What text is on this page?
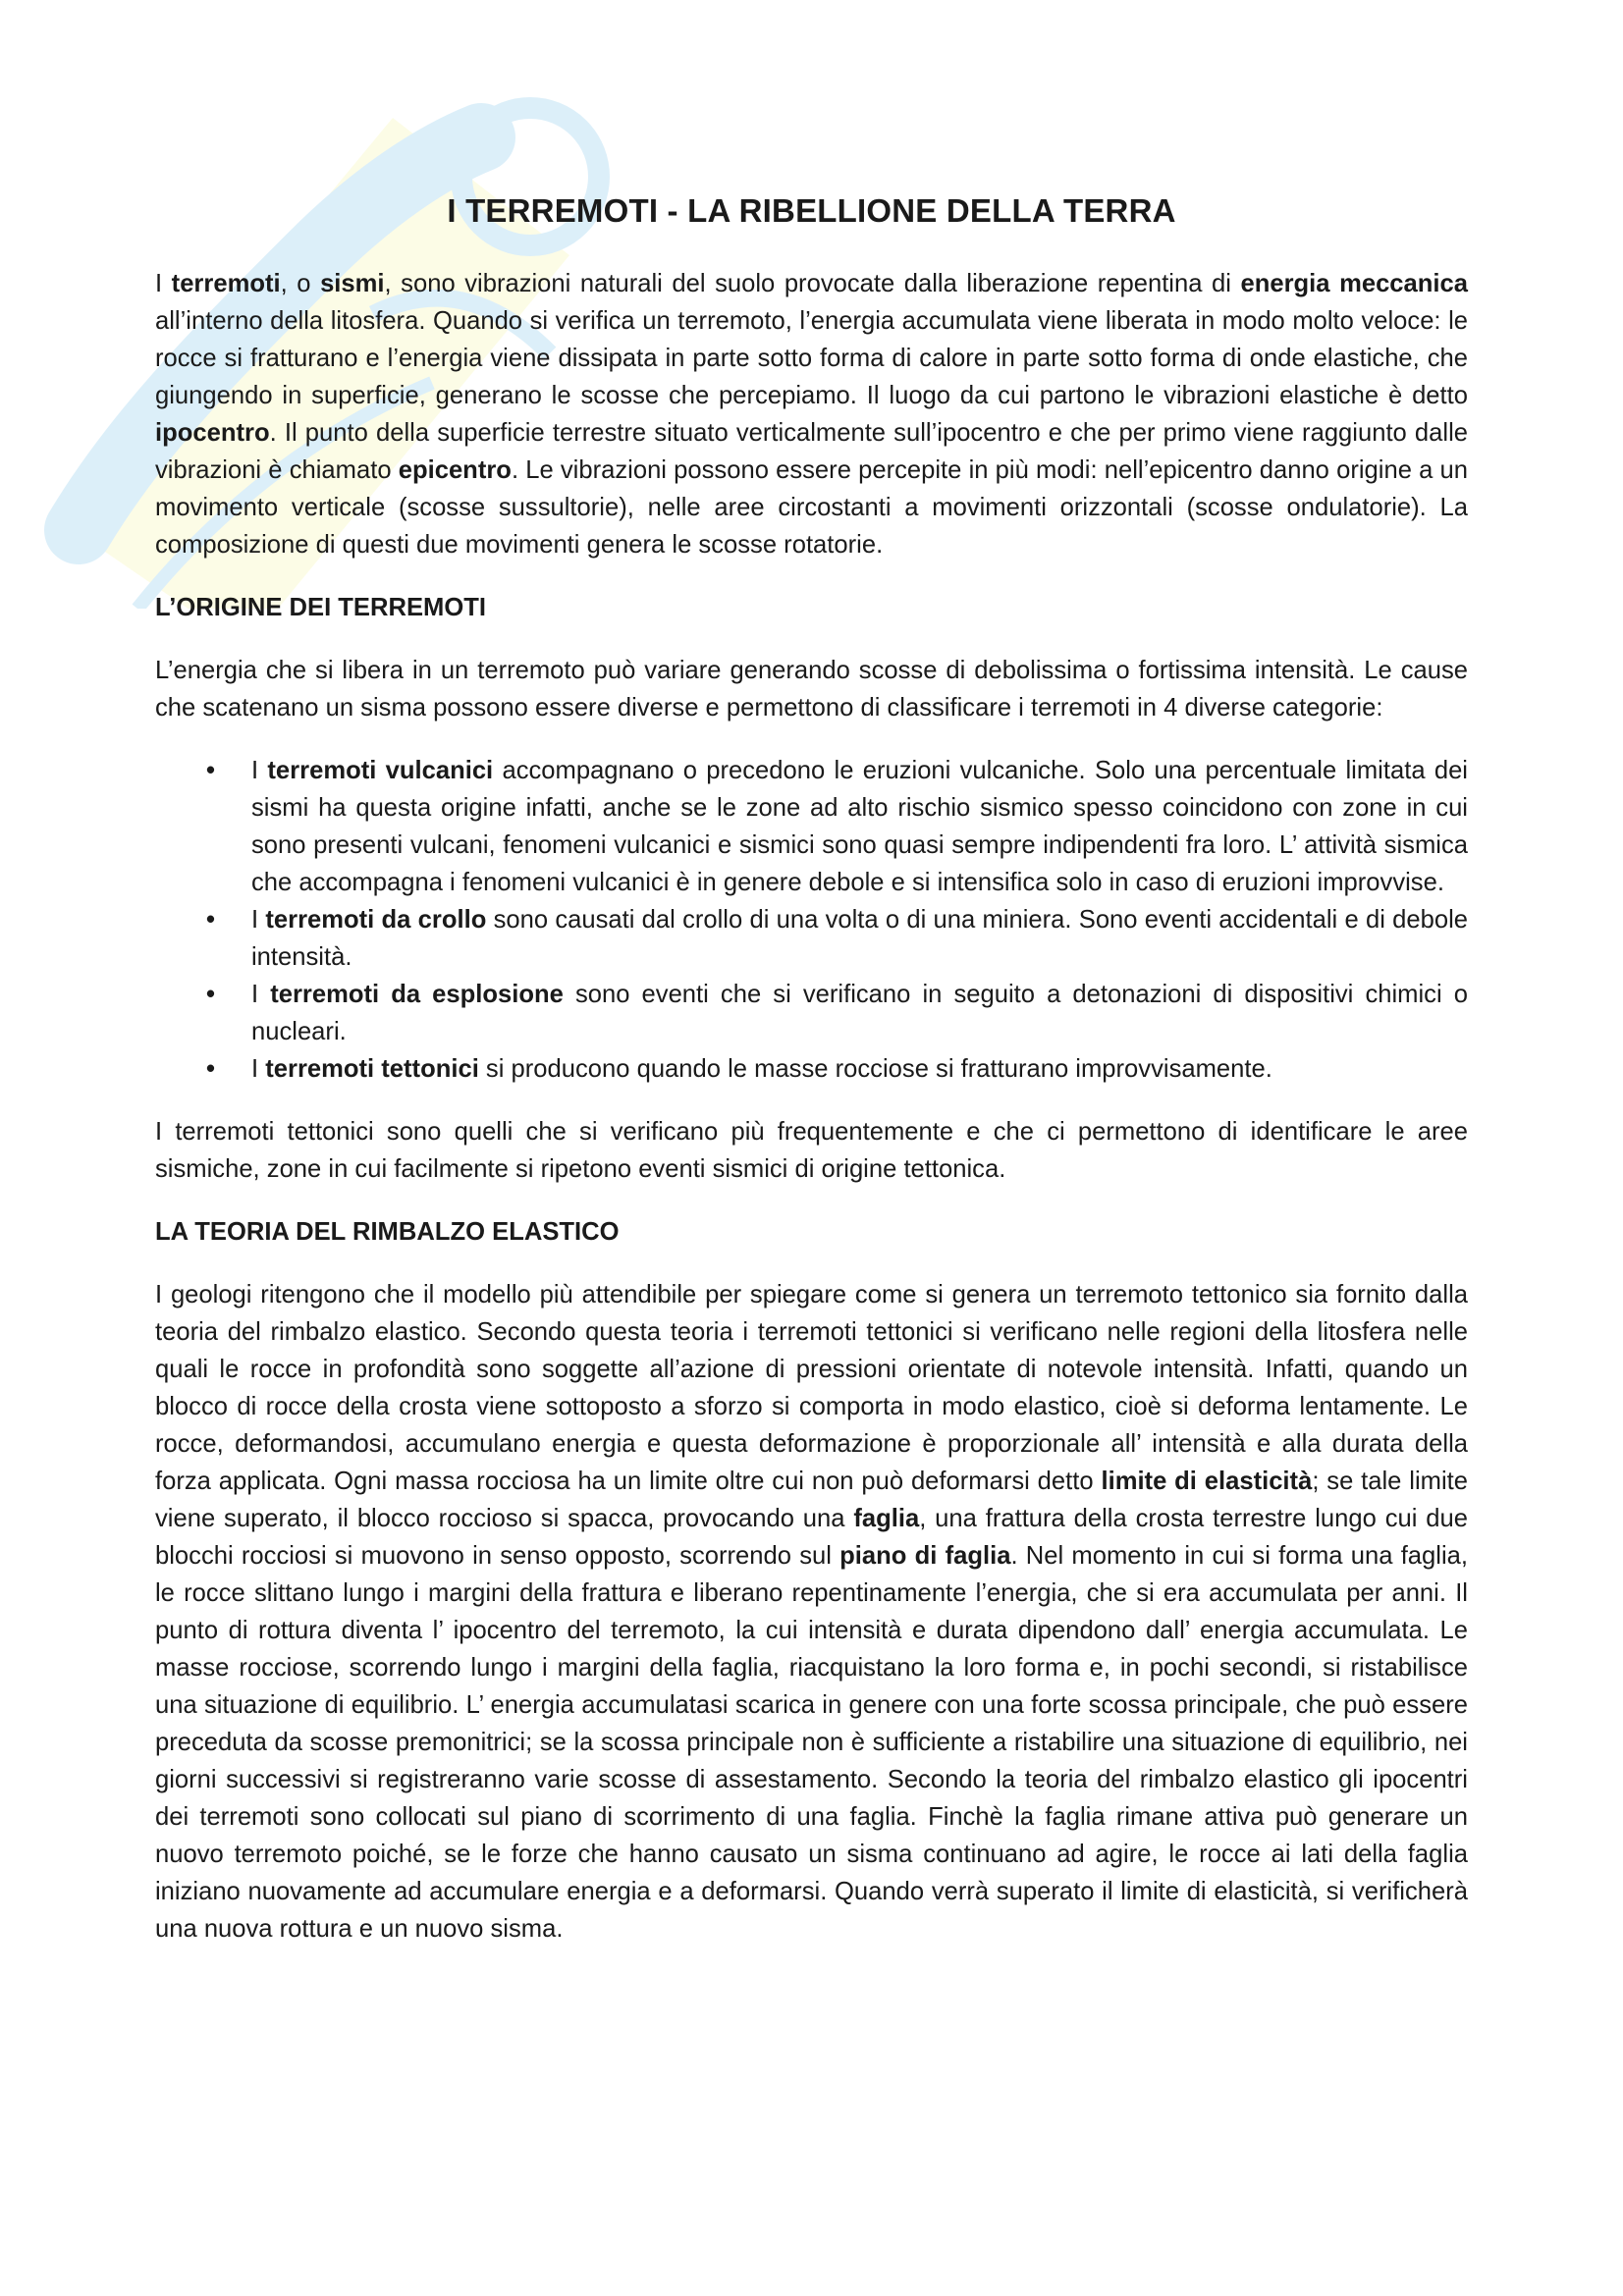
I TERREMOTI - LA RIBELLIONE DELLA TERRA

I terremoti, o sismi, sono vibrazioni naturali del suolo provocate dalla liberazione repentina di energia meccanica all’interno della litosfera. Quando si verifica un terremoto, l’energia accumulata viene liberata in modo molto veloce: le rocce si fratturano e l’energia viene dissipata in parte sotto forma di calore in parte sotto forma di onde elastiche, che giungendo in superficie, generano le scosse che percepiamo. Il luogo da cui partono le vibrazioni elastiche è detto ipocentro. Il punto della superficie terrestre situato verticalmente sull’ipocentro e che per primo viene raggiunto dalle vibrazioni è chiamato epicentro. Le vibrazioni possono essere percepite in più modi: nell’epicentro danno origine a un movimento verticale (scosse sussultorie), nelle aree circostanti a movimenti orizzontali (scosse ondulatorie). La composizione di questi due movimenti genera le scosse rotatorie.

L’ORIGINE DEI TERREMOTI

L’energia che si libera in un terremoto può variare generando scosse di debolissima o fortissima intensità. Le cause che scatenano un sisma possono essere diverse e permettono di classificare i terremoti in 4 diverse categorie:

• I terremoti vulcanici accompagnano o precedono le eruzioni vulcaniche. Solo una percentuale limitata dei sismi ha questa origine infatti, anche se le zone ad alto rischio sismico spesso coincidono con zone in cui sono presenti vulcani, fenomeni vulcanici e sismici sono quasi sempre indipendenti fra loro. L’ attività sismica che accompagna i fenomeni vulcanici è in genere debole e si intensifica solo in caso di eruzioni improvvise.
• I terremoti da crollo sono causati dal crollo di una volta o di una miniera. Sono eventi accidentali e di debole intensità.
• I terremoti da esplosione sono eventi che si verificano in seguito a detonazioni di dispositivi chimici o nucleari.
• I terremoti tettonici si producono quando le masse rocciose si fratturano improvvisamente.

I terremoti tettonici sono quelli che si verificano più frequentemente e che ci permettono di identificare le aree sismiche, zone in cui facilmente si ripetono eventi sismici di origine tettonica.

LA TEORIA DEL RIMBALZO ELASTICO

I geologi ritengono che il modello più attendibile per spiegare come si genera un terremoto tettonico sia fornito dalla teoria del rimbalzo elastico. Secondo questa teoria i terremoti tettonici si verificano nelle regioni della litosfera nelle quali le rocce in profondità sono soggette all’azione di pressioni orientate di notevole intensità. Infatti, quando un blocco di rocce della crosta viene sottoposto a sforzo si comporta in modo elastico, cioè si deforma lentamente. Le rocce, deformandosi, accumulano energia e questa deformazione è proporzionale all’ intensità e alla durata della forza applicata. Ogni massa rocciosa ha un limite oltre cui non può deformarsi detto limite di elasticità; se tale limite viene superato, il blocco roccioso si spacca, provocando una faglia, una frattura della crosta terrestre lungo cui due blocchi rocciosi si muovono in senso opposto, scorrendo sul piano di faglia. Nel momento in cui si forma una faglia, le rocce slittano lungo i margini della frattura e liberano repentinamente l’energia, che si era accumulata per anni. Il punto di rottura diventa l’ ipocentro del terremoto, la cui intensità e durata dipendono dall’ energia accumulata. Le masse rocciose, scorrendo lungo i margini della faglia, riacquistano la loro forma e, in pochi secondi, si ristabilisce una situazione di equilibrio. L’ energia accumulatasi scarica in genere con una forte scossa principale, che può essere preceduta da scosse premonitrici; se la scossa principale non è sufficiente a ristabilire una situazione di equilibrio, nei giorni successivi si registreranno varie scosse di assestamento. Secondo la teoria del rimbalzo elastico gli ipocentri dei terremoti sono collocati sul piano di scorrimento di una faglia. Finchè la faglia rimane attiva può generare un nuovo terremoto poiché, se le forze che hanno causato un sisma continuano ad agire, le rocce ai lati della faglia iniziano nuovamente ad accumulare energia e a deformarsi. Quando verrà superato il limite di elasticità, si verificherà una nuova rottura e un nuovo sisma.
